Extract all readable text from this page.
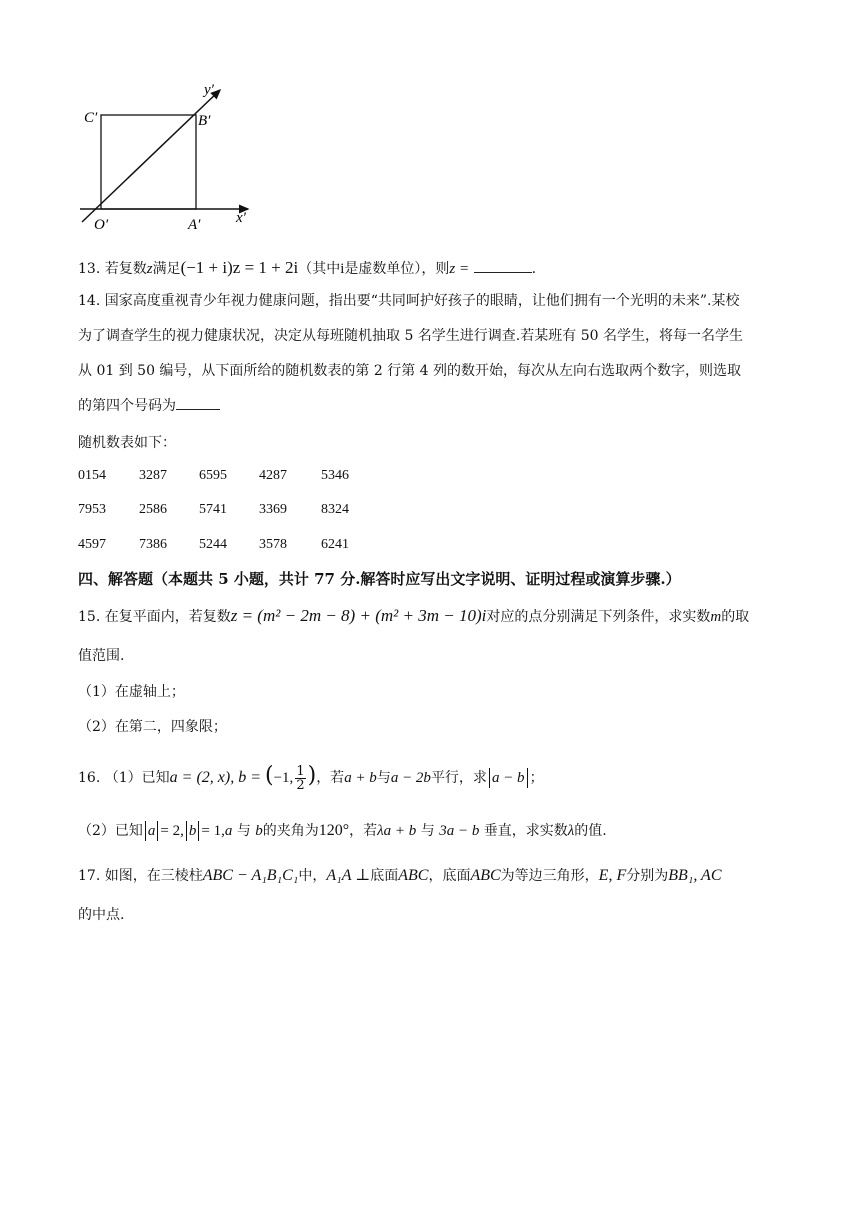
C′	B′
O′	A′ x′
y′
13. 若复数z满足(−1 + i)z = 1 + 2i（其中i是虚数单位），则z =	.
14. 国家高度重视青少年视力健康问题，指出要“共同呵护好孩子的眼睛，让他们拥有一个光明的未来”.某校
为了调查学生的视力健康状况，决定从每班随机抽取 5 名学生进行调查.若某班有 50 名学生，将每一名学生
从 01 到 50 编号，从下面所给的随机数表的第 2 行第 4 列的数开始，每次从左向右选取两个数字，则选取
的第四个号码为
随机数表如下：
0154 3287 6595 4287 5346
7953 2586 5741 3369 8324
4597 7386 5244 3578 6241
四、解答题（本题共 5 小题，共计 77 分.解答时应写出文字说明、证明过程或演算步骤.）
15. 在复平面内，若复数z = (m² − 2m − 8) + (m² + 3m − 10)i对应的点分别满足下列条件，求实数m的取
值范围.
（1）在虚轴上；
（2）在第二，四象限；
16. （1）已知a = (2, x), b = (−1, $\frac{1}{2}$ )，若a + b与a − 2b平行，求 a − b ；
（2）已知 a = 2, b = 1,a 与 b的夹角为120°，若λa + b 与 3a − b 垂直，求实数λ的值.
17. 如图，在三棱柱ABC − A₁B₁C₁中，A₁A ⊥底面ABC，底面ABC为等边三角形，E, F分别为BB₁, AC
的中点.
